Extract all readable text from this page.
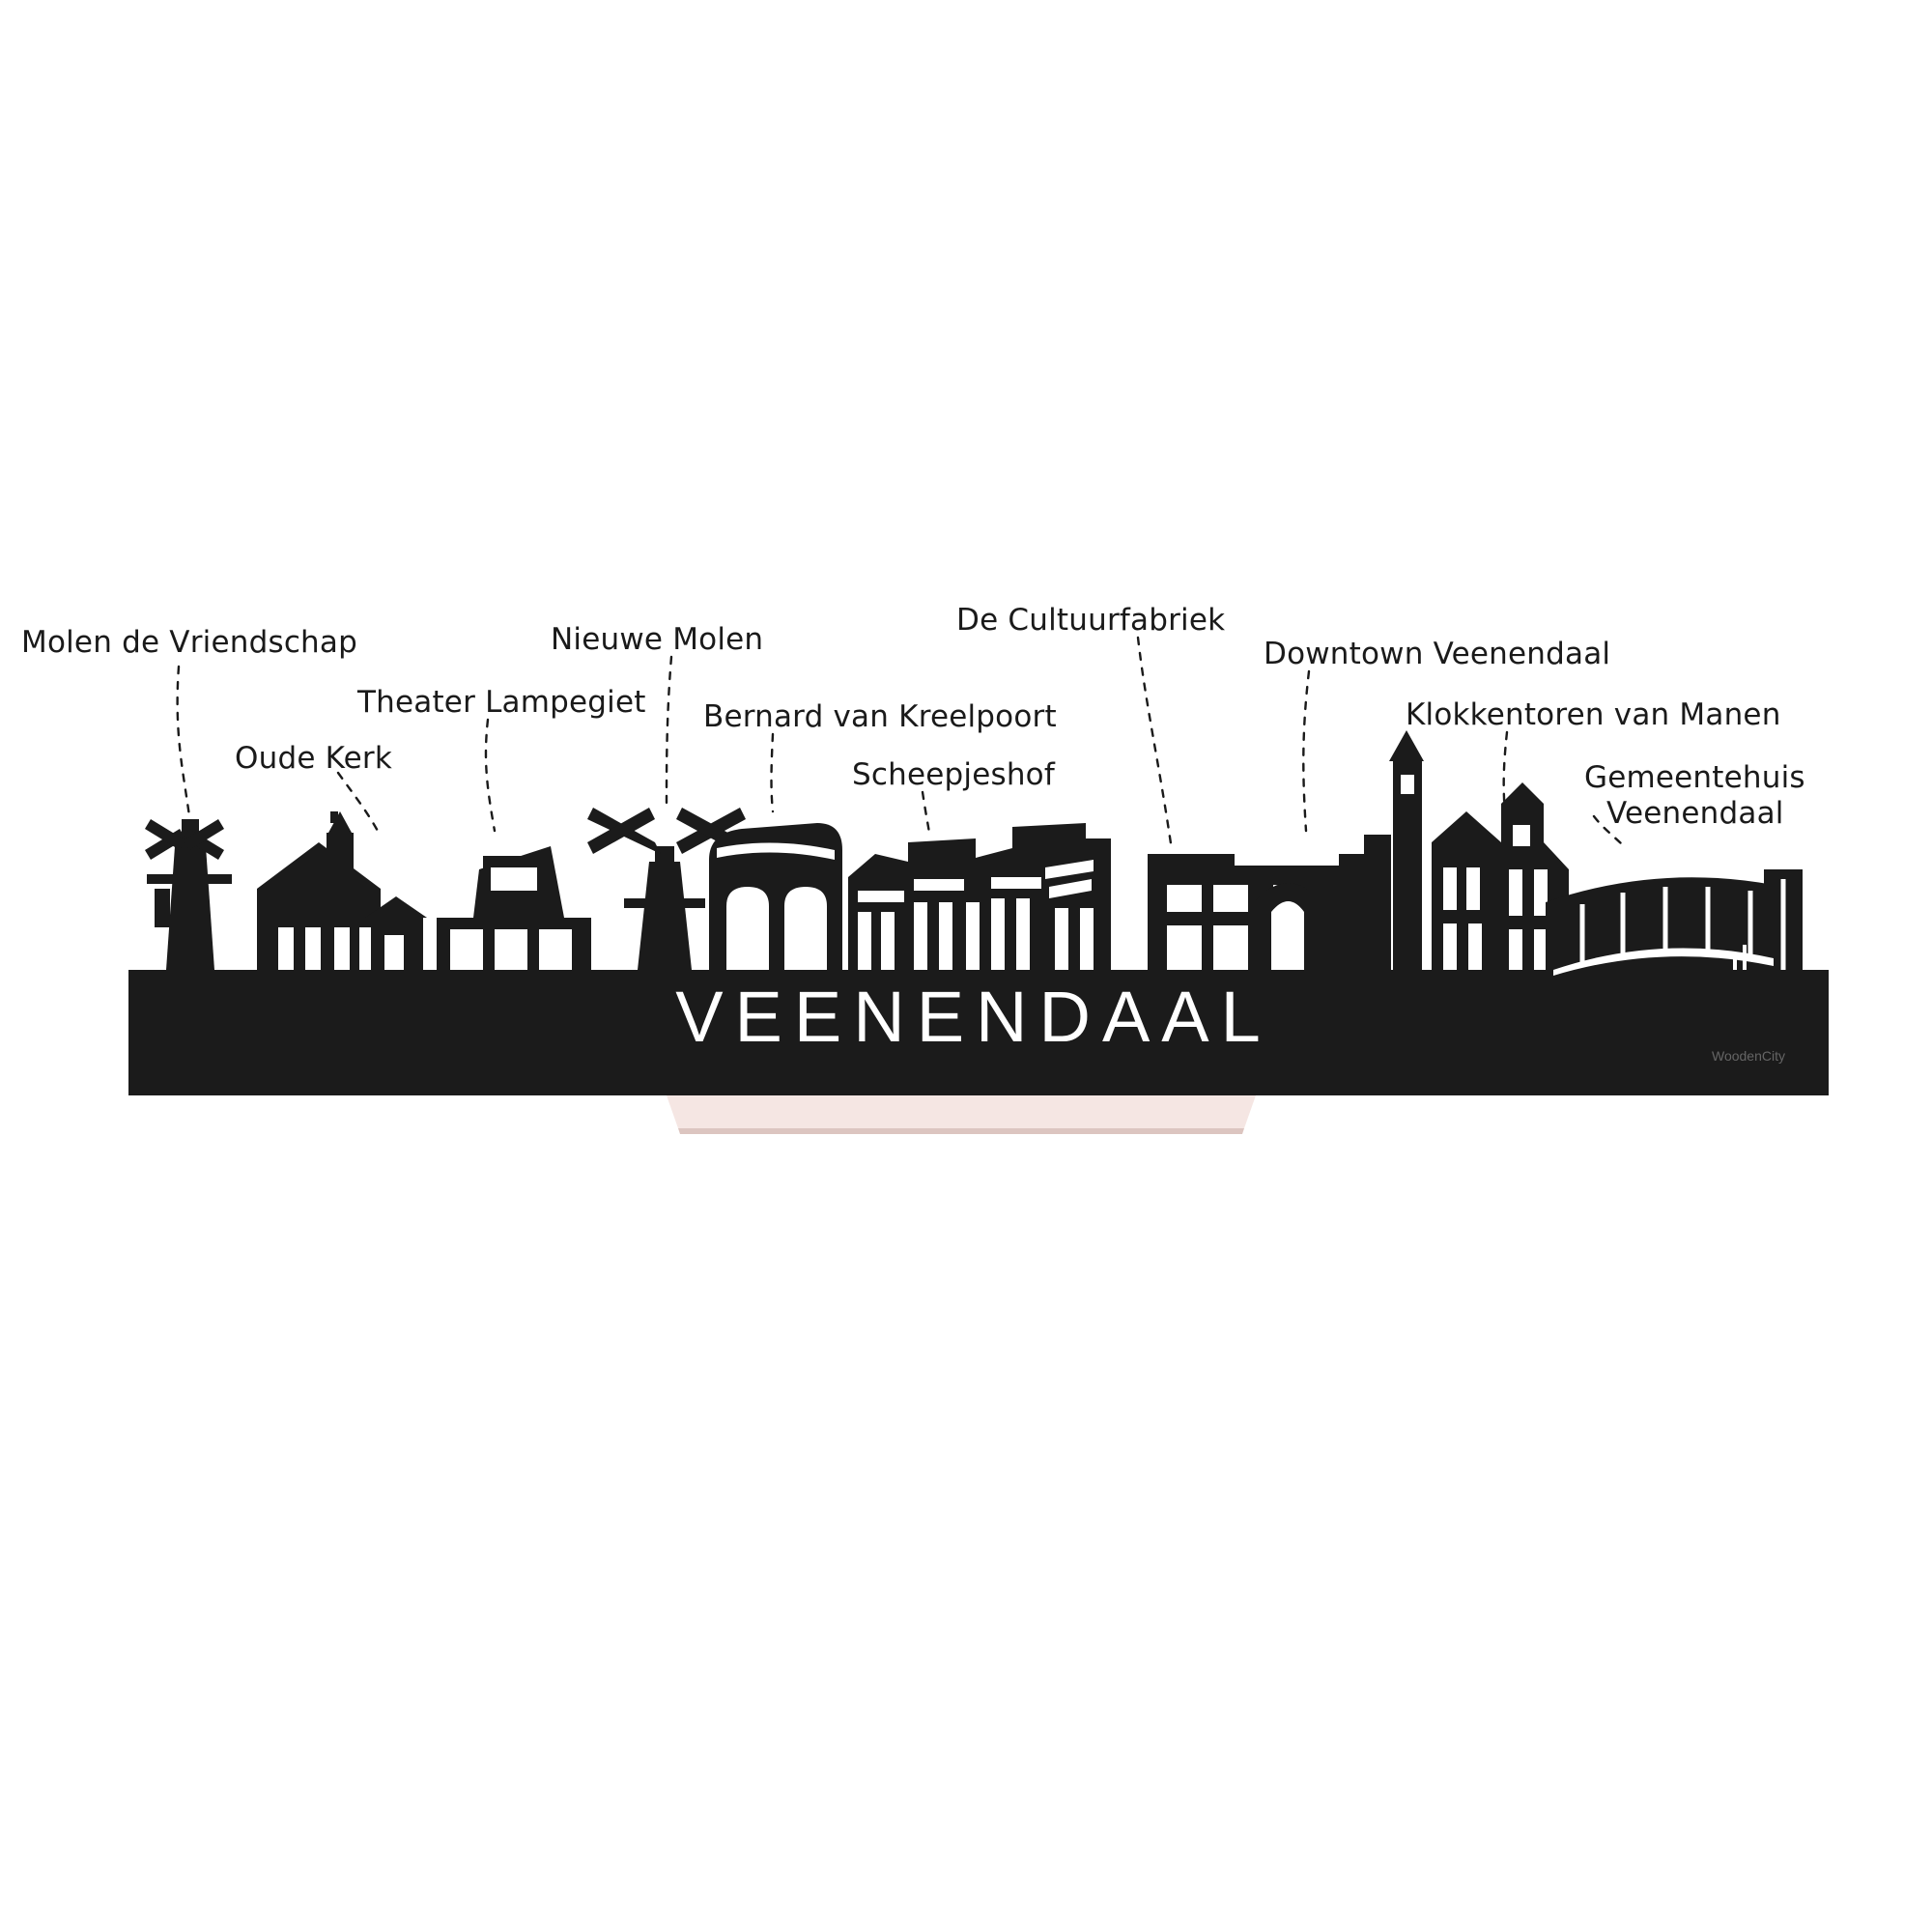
VEENENDAAL	WoodenCity
Molen de Vriendschap
Oude Kerk
Theater Lampegiet
Nieuwe Molen
Bernard van Kreelpoort
Scheepjeshof
De Cultuurfabriek
Downtown Veenendaal
Klokkentoren van Manen
Gemeentehuis
Veenendaal
